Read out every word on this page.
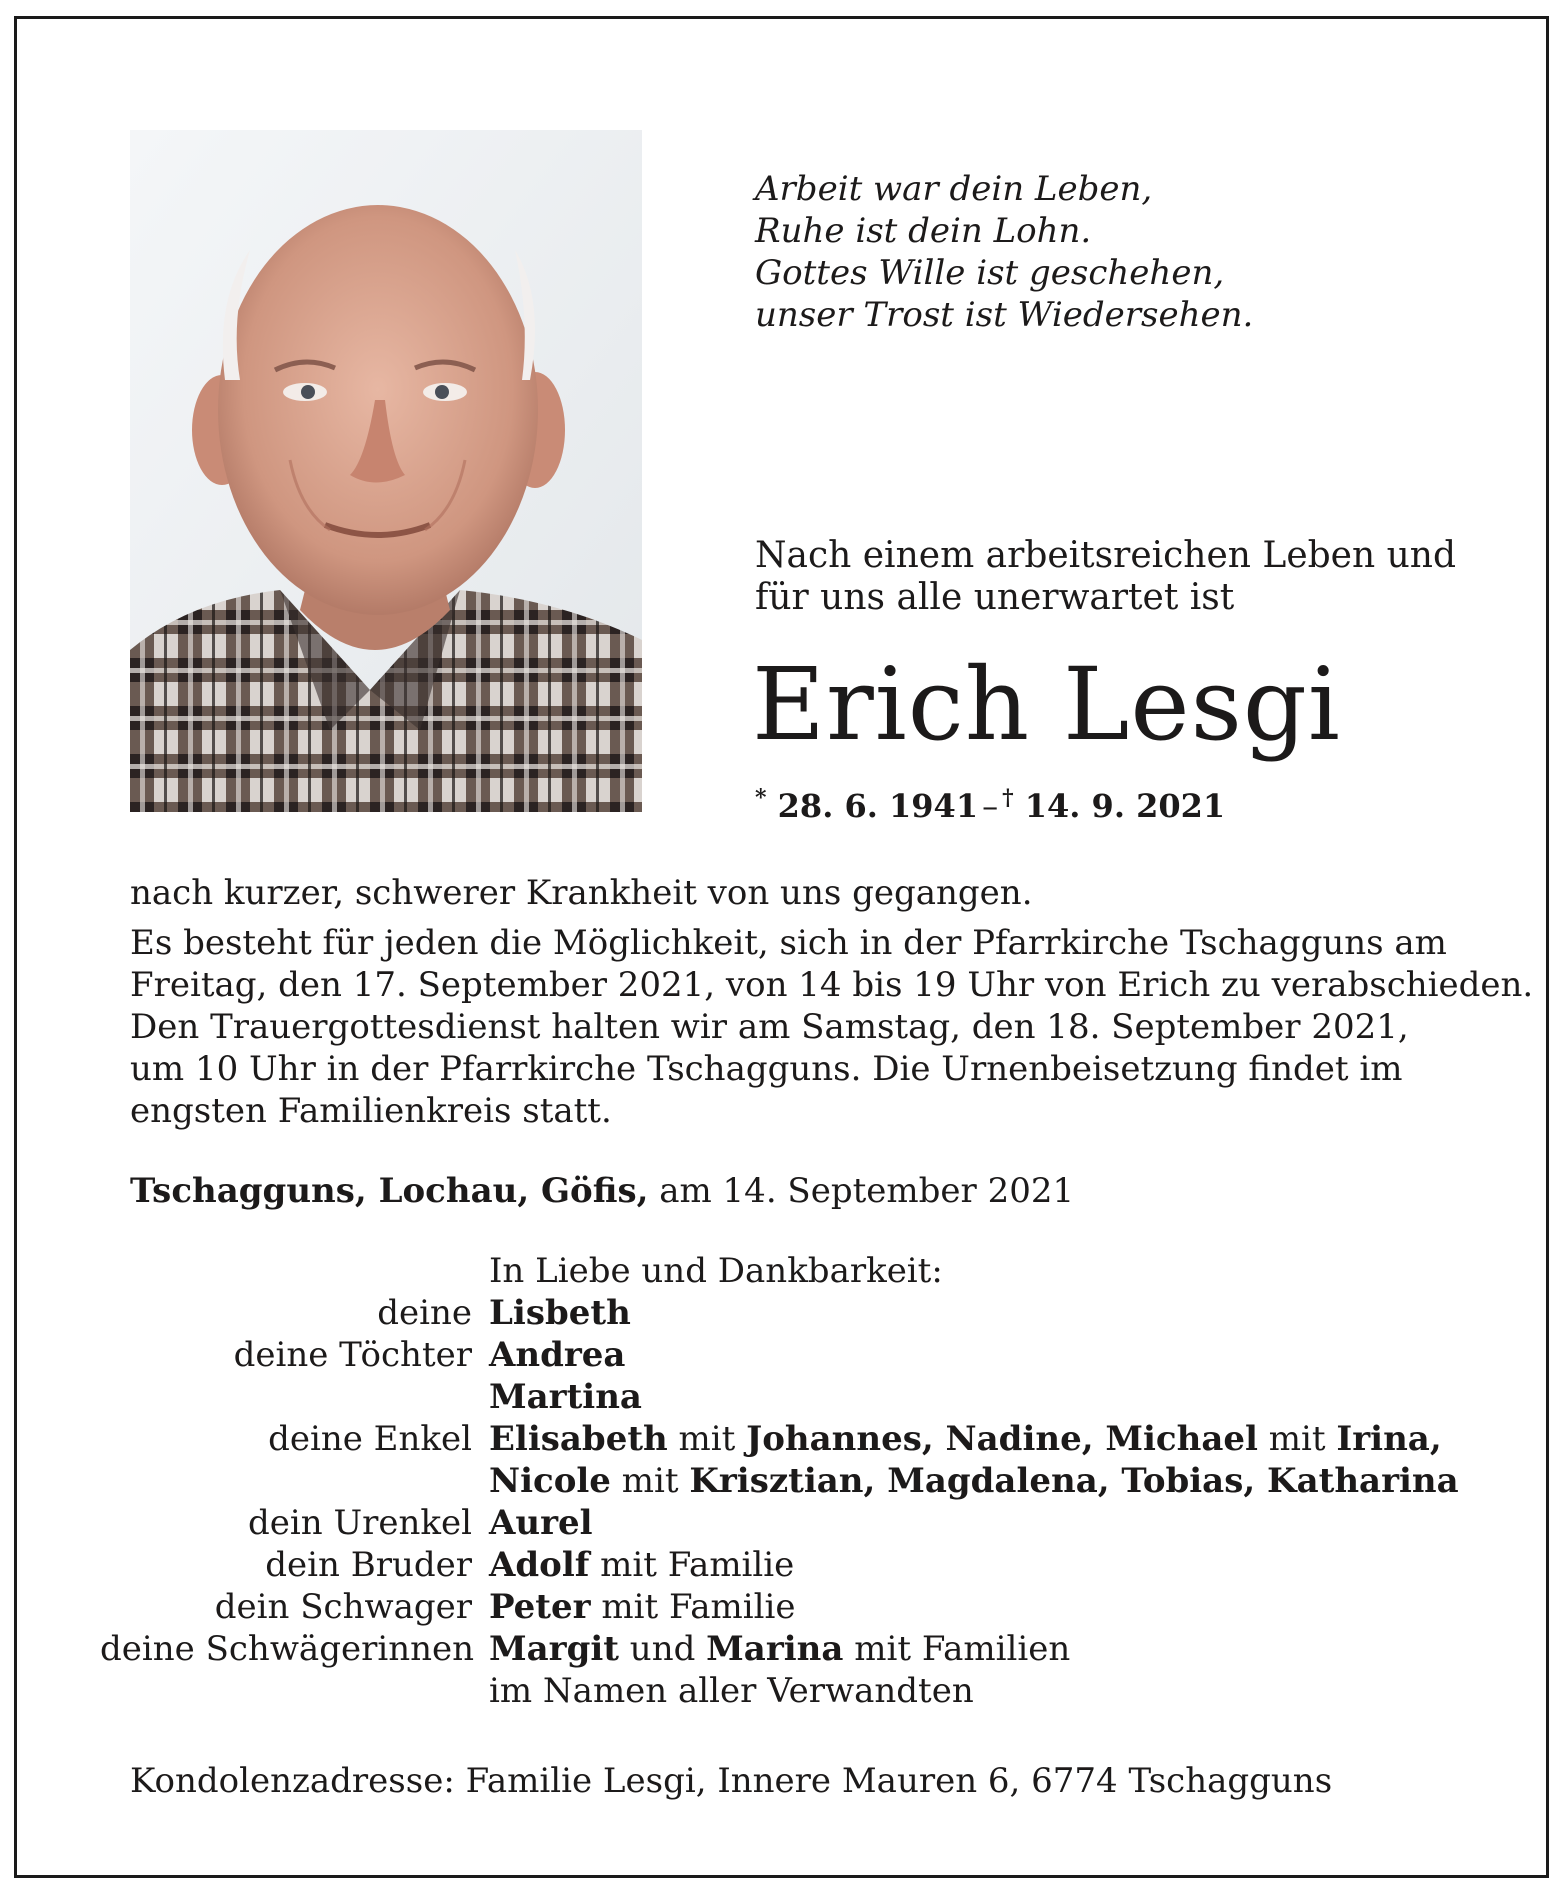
Arbeit war dein Leben,
Ruhe ist dein Lohn.
Gottes Wille ist geschehen,
unser Trost ist Wiedersehen.
Nach einem arbeitsreichen Leben und
für uns alle unerwartet ist
Erich Lesgi
* 28. 6. 1941 – † 14. 9. 2021
nach kurzer, schwerer Krankheit von uns gegangen.
Es besteht für jeden die Möglichkeit, sich in der Pfarrkirche Tschagguns am
Freitag, den 17. September 2021, von 14 bis 19 Uhr von Erich zu verabschieden.
Den Trauergottesdienst halten wir am Samstag, den 18. September 2021,
um 10 Uhr in der Pfarrkirche Tschagguns. Die Urnenbeisetzung findet im
engsten Familienkreis statt.
Tschagguns, Lochau, Göfis, am 14. September 2021
In Liebe und Dankbarkeit:
deine Lisbeth
deine Töchter Andrea
Martina
deine Enkel Elisabeth mit Johannes, Nadine, Michael mit Irina,
Nicole mit Krisztian, Magdalena, Tobias, Katharina
dein Urenkel Aurel
dein Bruder Adolf mit Familie
dein Schwager Peter mit Familie
deine Schwägerinnen Margit und Marina mit Familien
im Namen aller Verwandten
Kondolenzadresse: Familie Lesgi, Innere Mauren 6, 6774 Tschagguns
